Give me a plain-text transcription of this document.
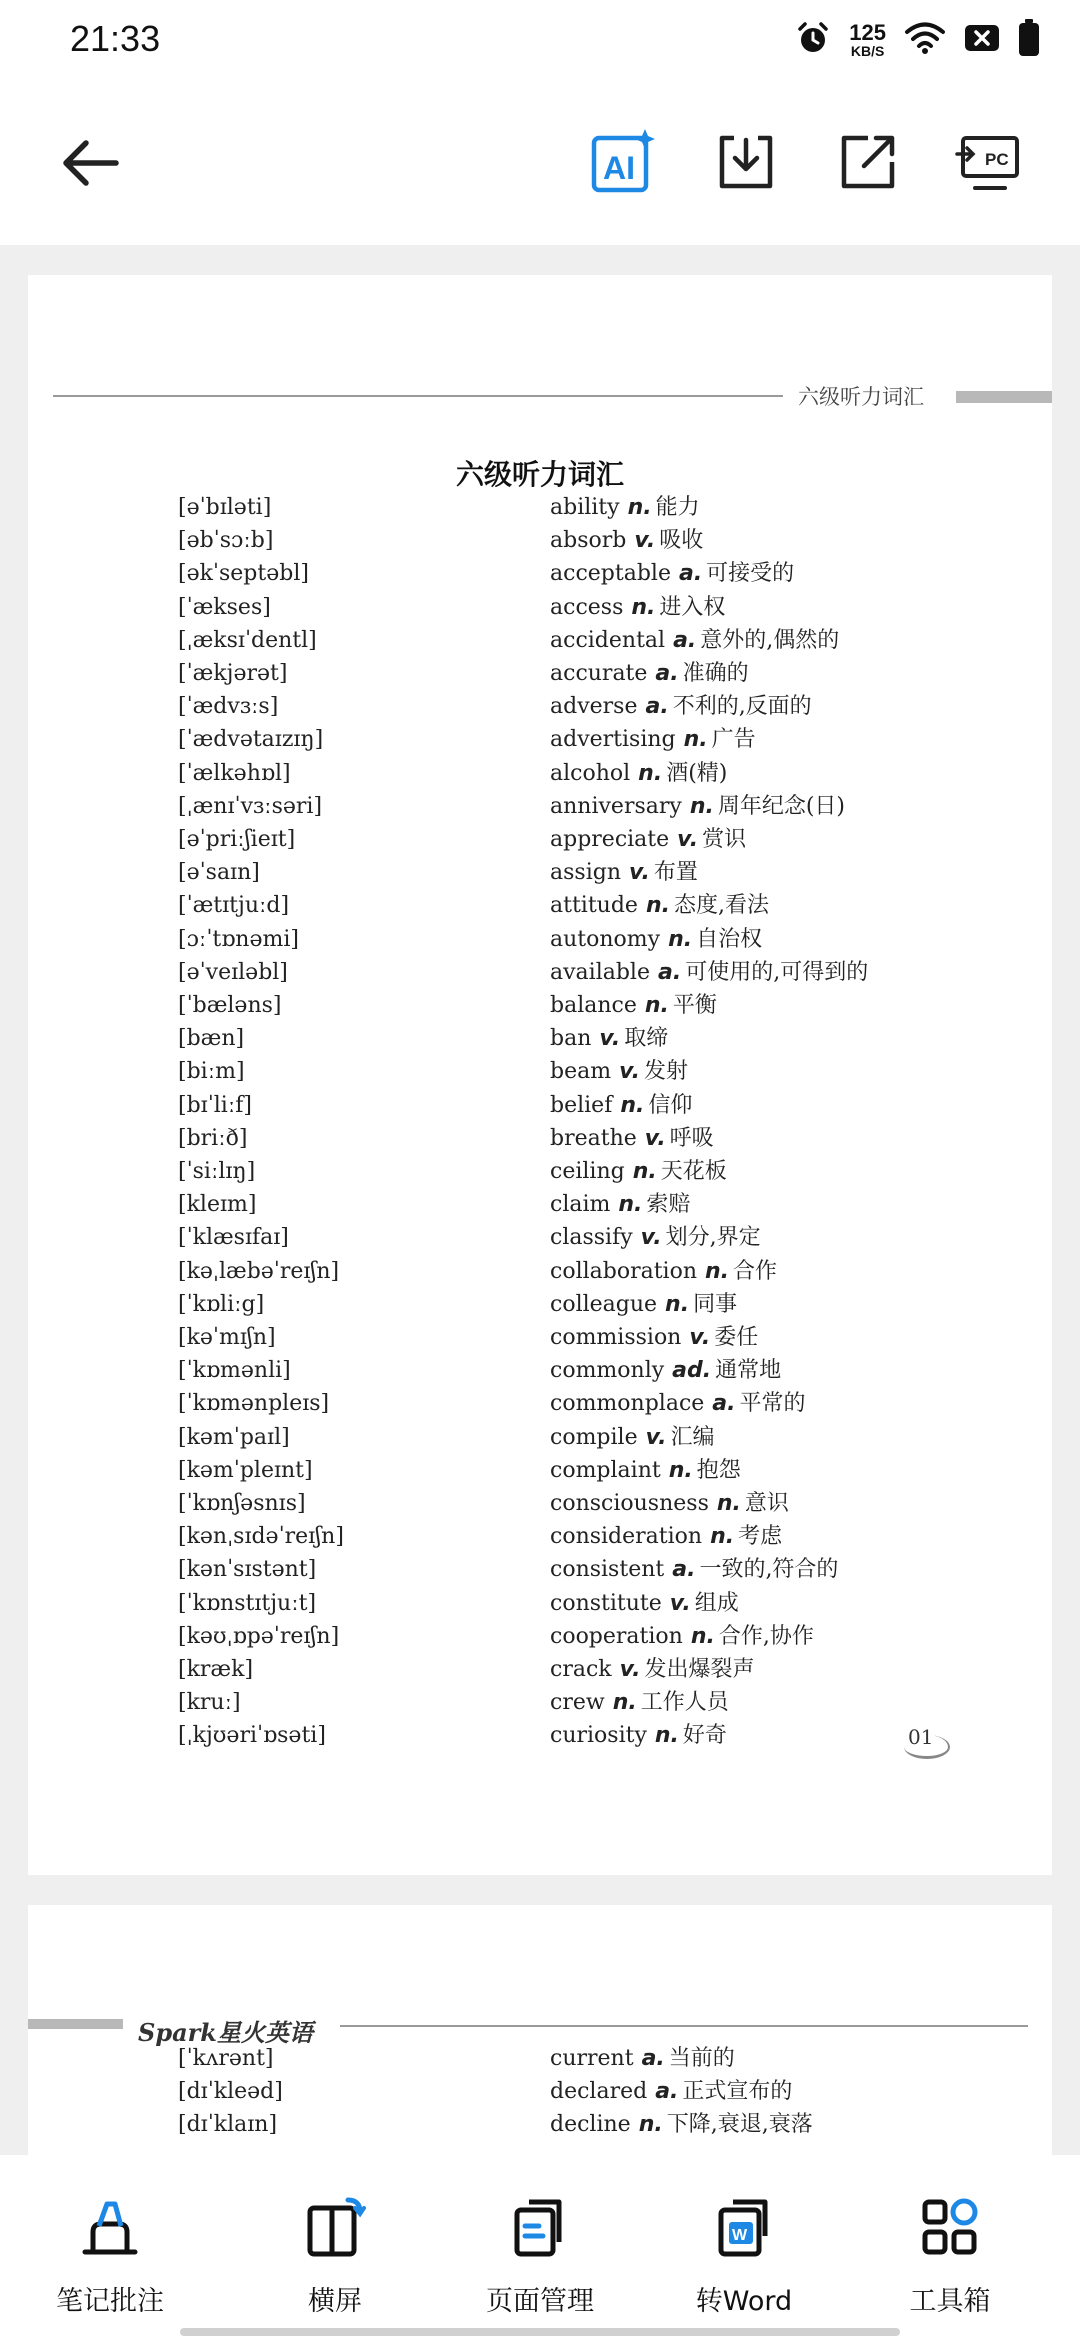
21:33	125
KB/S
AI	PC
六级听力词汇
六级听力词汇
[əˈbɪləti]	ability n. 能力
[əbˈsɔːb]	absorb v. 吸收
[əkˈseptəbl]	acceptable a. 可接受的
[ˈækses]	access n. 进入权
[ˌæksɪˈdentl]	accidental a. 意外的,偶然的
[ˈækjərət]	accurate a. 准确的
[ˈædvɜːs]	adverse a. 不利的,反面的
[ˈædvətaɪzɪŋ]	advertising n. 广告
[ˈælkəhɒl]	alcohol n. 酒(精)
[ˌænɪˈvɜːsəri]	anniversary n. 周年纪念(日)
[əˈpriːʃieɪt]	appreciate v. 赏识
[əˈsaɪn]	assign v. 布置
[ˈætɪtjuːd]	attitude n. 态度,看法
[ɔːˈtɒnəmi]	autonomy n. 自治权
[əˈveɪləbl]	available a. 可使用的,可得到的
[ˈbæləns]	balance n. 平衡
[bæn]	ban v. 取缔
[biːm]	beam v. 发射
[bɪˈliːf]	belief n. 信仰
[briːð]	breathe v. 呼吸
[ˈsiːlɪŋ]	ceiling n. 天花板
[kleɪm]	claim n. 索赔
[ˈklæsɪfaɪ]	classify v. 划分,界定
[kəˌlæbəˈreɪʃn]	collaboration n. 合作
[ˈkɒliːg]	colleague n. 同事
[kəˈmɪʃn]	commission v. 委任
[ˈkɒmənli]	commonly ad. 通常地
[ˈkɒmənpleɪs]	commonplace a. 平常的
[kəmˈpaɪl]	compile v. 汇编
[kəmˈpleɪnt]	complaint n. 抱怨
[ˈkɒnʃəsnɪs]	consciousness n. 意识
[kənˌsɪdəˈreɪʃn]	consideration n. 考虑
[kənˈsɪstənt]	consistent a. 一致的,符合的
[ˈkɒnstɪtjuːt]	constitute v. 组成
[kəʊˌɒpəˈreɪʃn]	cooperation n. 合作,协作
[kræk]	crack v. 发出爆裂声
[kruː]	crew n. 工作人员
[ˌkjʊəriˈɒsəti]	curiosity n. 好奇	01
Spark星火英语
[ˈkʌrənt]	current a. 当前的
[dɪˈkleəd]	declared a. 正式宣布的
[dɪˈklaɪn]	decline n. 下降,衰退,衰落
笔记批注	横屏	页面管理
W
转Word	工具箱
